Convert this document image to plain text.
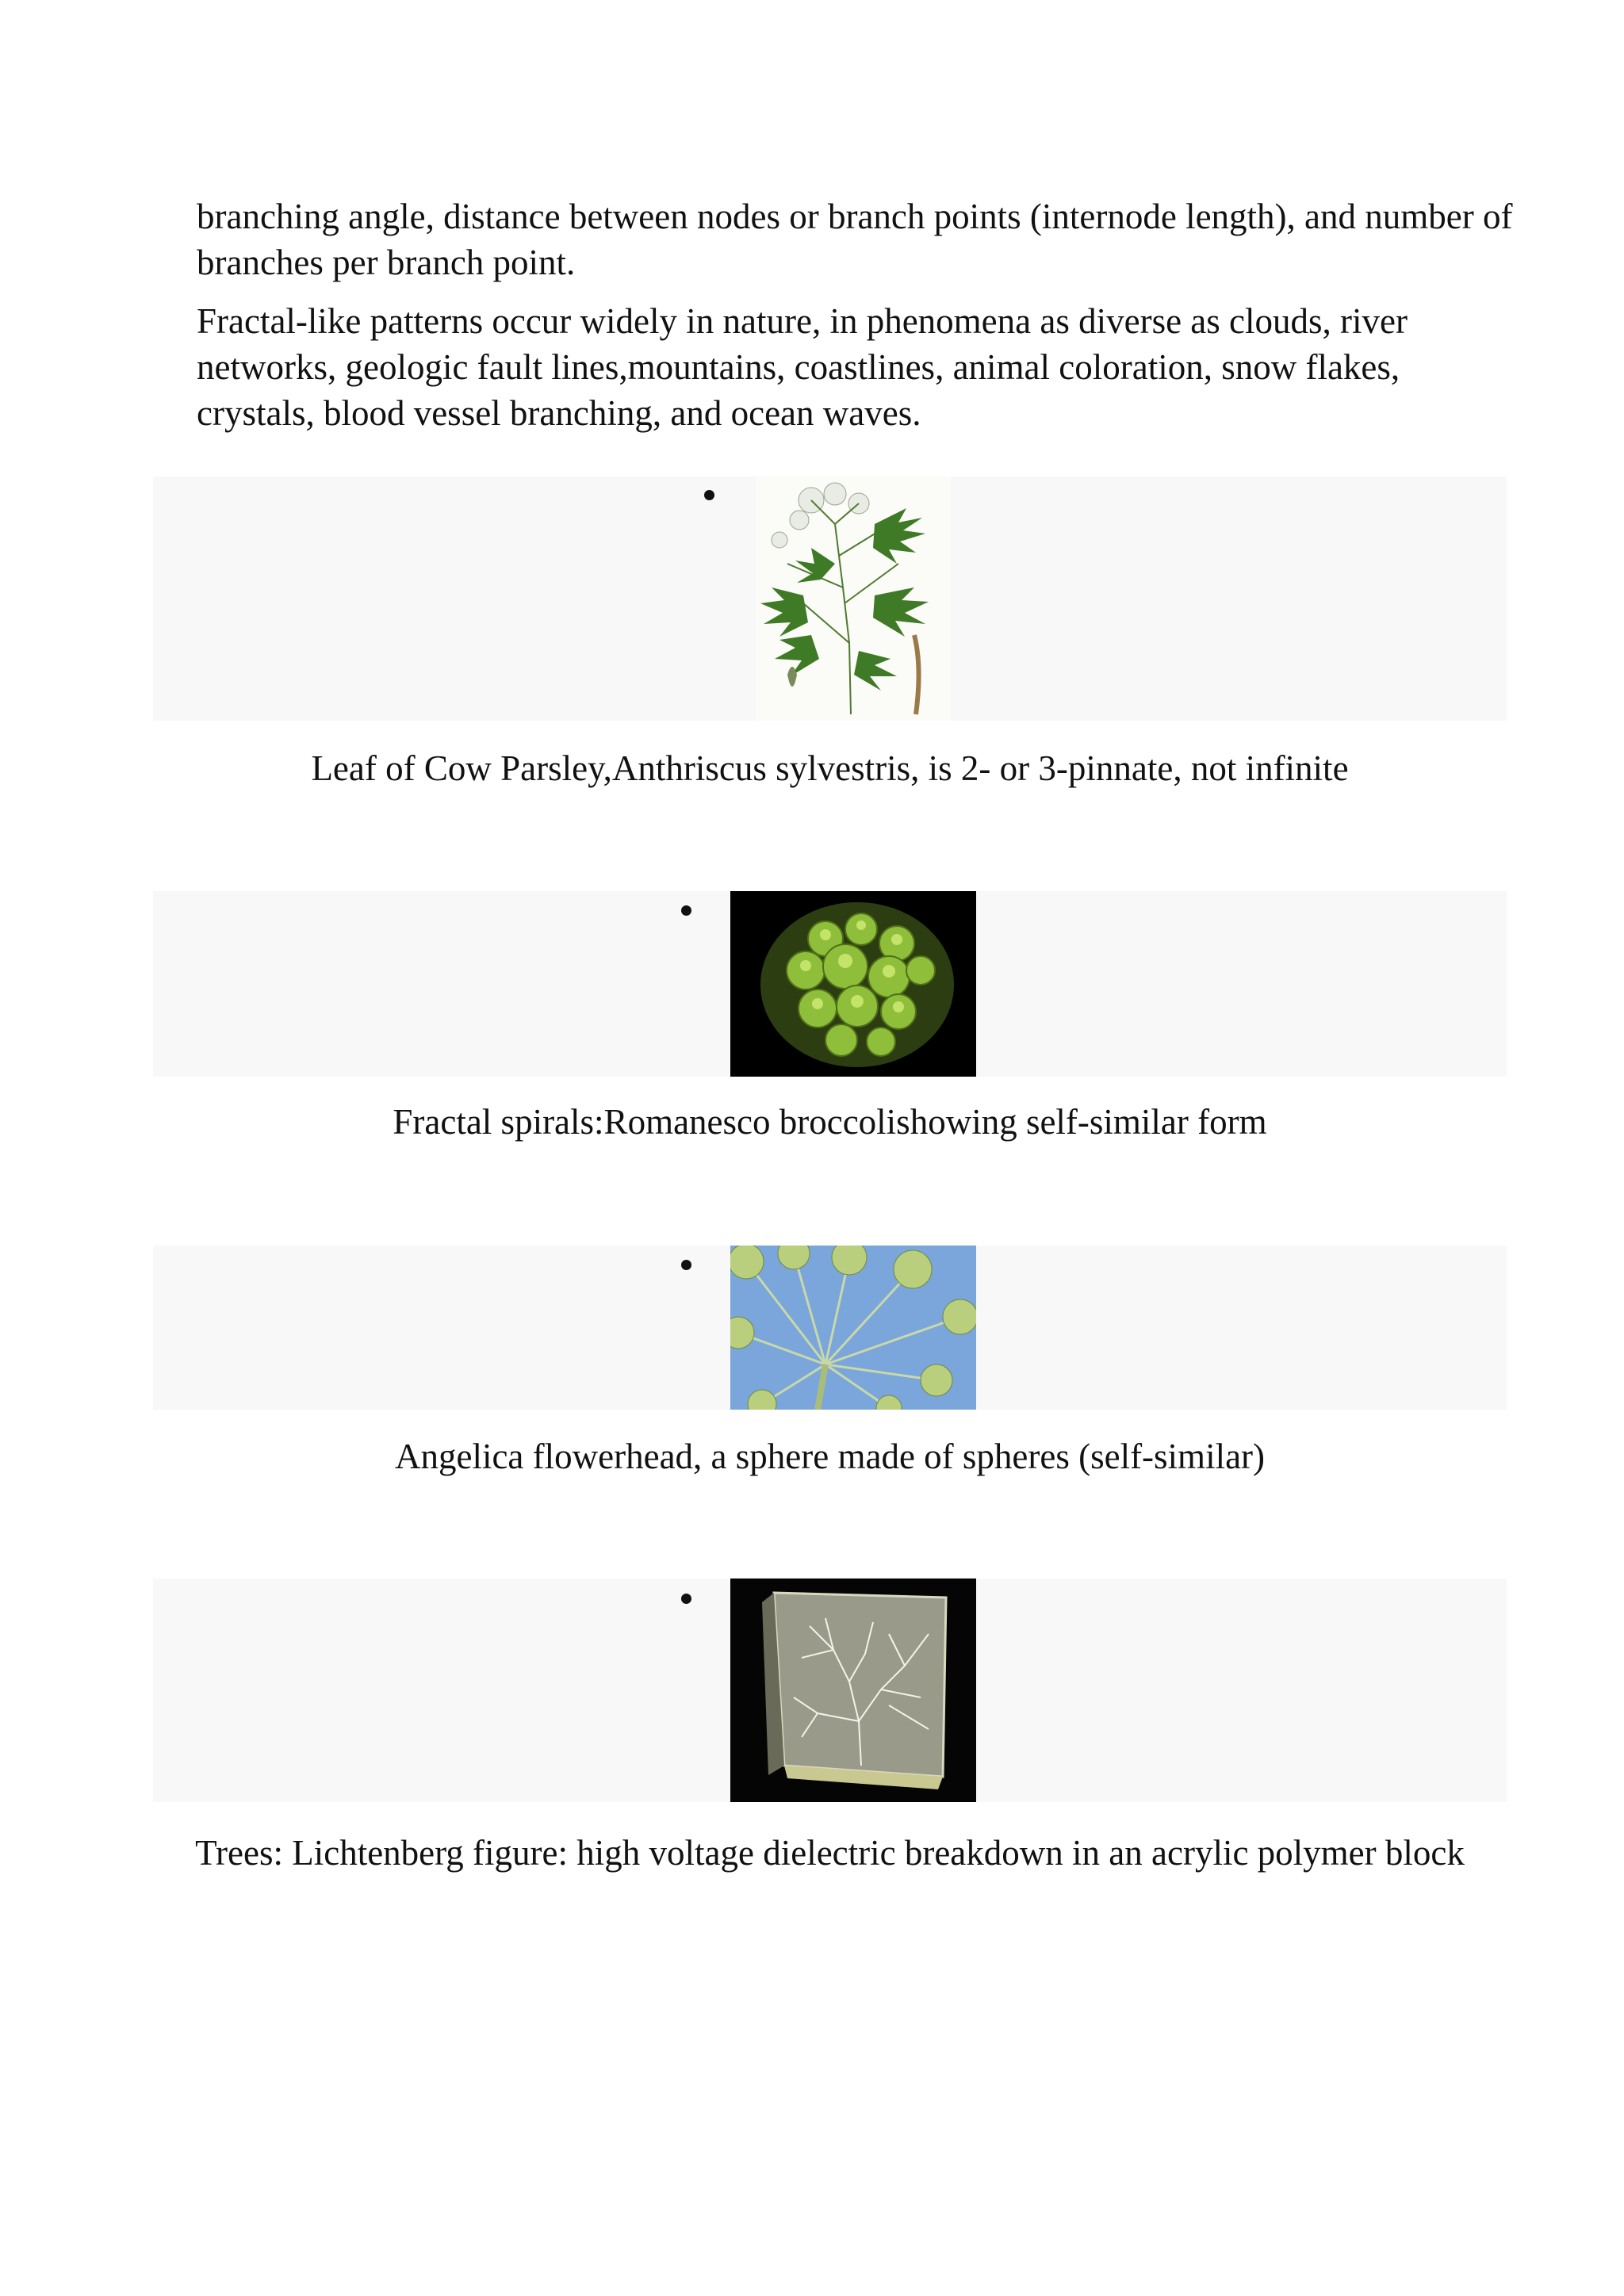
branching angle, distance between nodes or branch points (internode length), and number of branches per branch point.

Fractal-like patterns occur widely in nature, in phenomena as diverse as clouds, river networks, geologic fault lines,mountains, coastlines, animal coloration, snow flakes, crystals, blood vessel branching, and ocean waves.

Leaf of Cow Parsley,Anthriscus sylvestris, is 2- or 3-pinnate, not infinite

Fractal spirals:Romanesco broccolishowing self-similar form

Angelica flowerhead, a sphere made of spheres (self-similar)

Trees: Lichtenberg figure: high voltage dielectric breakdown in an acrylic polymer block
